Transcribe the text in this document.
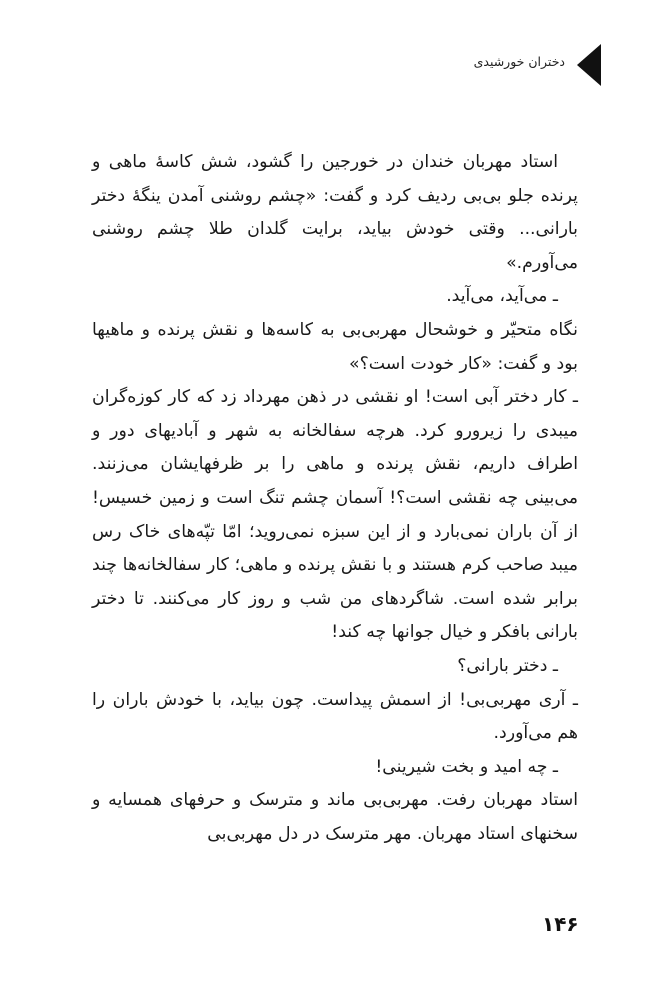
دختران خورشیدی

استاد مهربان خندان در خورجین را گشود، شش کاسۀ ماهی و پرنده جلو بی‌بی ردیف کرد و گفت: «چشم روشنی آمدن ینگۀ دختر بارانی... وقتی خودش بیاید، برایت گلدان طلا چشم روشنی می‌آورم.»

ـ می‌آید، می‌آید.

نگاه متحیّر و خوشحال مهربی‌بی به کاسه‌ها و نقش پرنده و ماهیها بود و گفت: «کار خودت است؟»

ـ کار دختر آبی است! او نقشی در ذهن مهرداد زد که کار کوزه‌گران میبدی را زیرورو کرد. هرچه سفالخانه به شهر و آبادیهای دور و اطراف داریم، نقش پرنده و ماهی را بر ظرفهایشان می‌زنند. می‌بینی چه نقشی است؟! آسمان چشم تنگ است و زمین خسیس! از آن باران نمی‌بارد و از این سبزه نمی‌روید؛ امّا تپّه‌های خاک رس میبد صاحب کرم هستند و با نقش پرنده و ماهی؛ کار سفالخانه‌ها چند برابر شده است. شاگردهای من شب و روز کار می‌کنند. تا دختر بارانی بافکر و خیال جوانها چه کند!

ـ دختر بارانی؟

ـ آری مهربی‌بی! از اسمش پیداست. چون بیاید، با خودش باران را هم می‌آورد.

ـ چه امید و بخت شیرینی!

استاد مهربان رفت. مهربی‌بی ماند و مترسک و حرفهای همسایه و سخنهای استاد مهربان. مهر مترسک در دل مهربی‌بی

۱۴۶
